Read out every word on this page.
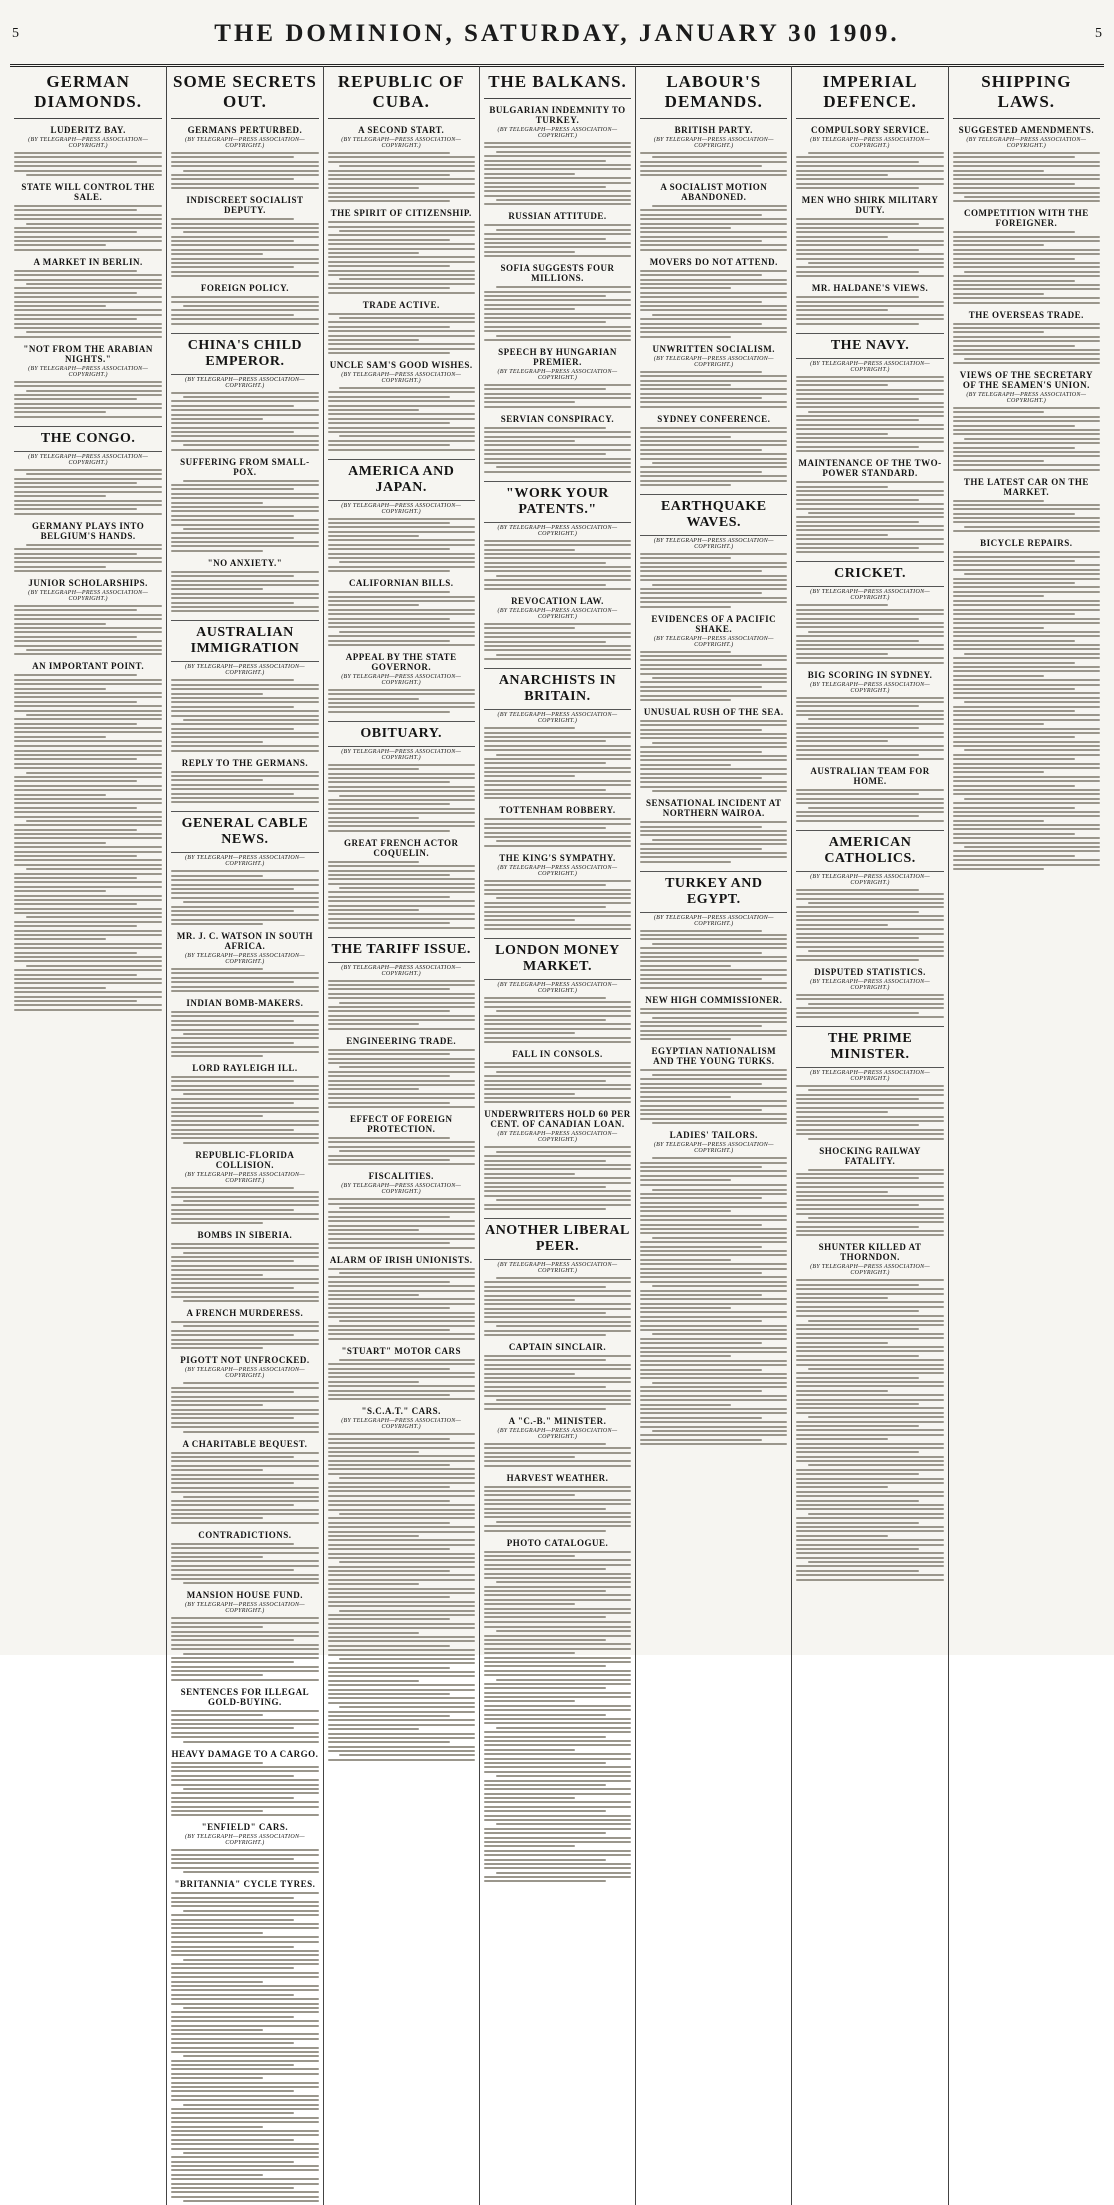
5	THE DOMINION, SATURDAY, JANUARY 30 1909.	5
GERMAN DIAMONDS.
LUDERITZ BAY.
(BY TELEGRAPH—PRESS ASSOCIATION—COPYRIGHT.)
STATE WILL CONTROL THE SALE.
A MARKET IN BERLIN.
"NOT FROM THE ARABIAN NIGHTS."
(BY TELEGRAPH—PRESS ASSOCIATION—COPYRIGHT.)
THE CONGO.
(BY TELEGRAPH—PRESS ASSOCIATION—COPYRIGHT.)
GERMANY PLAYS INTO BELGIUM'S HANDS.
JUNIOR SCHOLARSHIPS.
(BY TELEGRAPH—PRESS ASSOCIATION—COPYRIGHT.)
AN IMPORTANT POINT.
SOME SECRETS OUT.
GERMANS PERTURBED.
(BY TELEGRAPH—PRESS ASSOCIATION—COPYRIGHT.)
INDISCREET SOCIALIST DEPUTY.
FOREIGN POLICY.
CHINA'S CHILD EMPEROR.
(BY TELEGRAPH—PRESS ASSOCIATION—COPYRIGHT.)
SUFFERING FROM SMALL-POX.
"NO ANXIETY."
AUSTRALIAN IMMIGRATION
(BY TELEGRAPH—PRESS ASSOCIATION—COPYRIGHT.)
REPLY TO THE GERMANS.
GENERAL CABLE NEWS.
(BY TELEGRAPH—PRESS ASSOCIATION—COPYRIGHT.)
MR. J. C. WATSON IN SOUTH AFRICA.
(BY TELEGRAPH—PRESS ASSOCIATION—COPYRIGHT.)
INDIAN BOMB-MAKERS.
LORD RAYLEIGH ILL.
REPUBLIC-FLORIDA COLLISION.
(BY TELEGRAPH—PRESS ASSOCIATION—COPYRIGHT.)
BOMBS IN SIBERIA.
A FRENCH MURDERESS.
PIGOTT NOT UNFROCKED.
(BY TELEGRAPH—PRESS ASSOCIATION—COPYRIGHT.)
A CHARITABLE BEQUEST.
CONTRADICTIONS.
MANSION HOUSE FUND.
(BY TELEGRAPH—PRESS ASSOCIATION—COPYRIGHT.)
SENTENCES FOR ILLEGAL GOLD-BUYING.
HEAVY DAMAGE TO A CARGO.
"ENFIELD" CARS.
(BY TELEGRAPH—PRESS ASSOCIATION—COPYRIGHT.)
"BRITANNIA" CYCLE TYRES.
REPUBLIC OF CUBA.
A SECOND START.
(BY TELEGRAPH—PRESS ASSOCIATION—COPYRIGHT.)
THE SPIRIT OF CITIZENSHIP.
TRADE ACTIVE.
UNCLE SAM'S GOOD WISHES.
(BY TELEGRAPH—PRESS ASSOCIATION—COPYRIGHT.)
AMERICA AND JAPAN.
(BY TELEGRAPH—PRESS ASSOCIATION—COPYRIGHT.)
CALIFORNIAN BILLS.
APPEAL BY THE STATE GOVERNOR.
(BY TELEGRAPH—PRESS ASSOCIATION—COPYRIGHT.)
OBITUARY.
(BY TELEGRAPH—PRESS ASSOCIATION—COPYRIGHT.)
GREAT FRENCH ACTOR COQUELIN.
THE TARIFF ISSUE.
(BY TELEGRAPH—PRESS ASSOCIATION—COPYRIGHT.)
ENGINEERING TRADE.
EFFECT OF FOREIGN PROTECTION.
FISCALITIES.
(BY TELEGRAPH—PRESS ASSOCIATION—COPYRIGHT.)
ALARM OF IRISH UNIONISTS.
"STUART" MOTOR CARS
"S.C.A.T." CARS.
(BY TELEGRAPH—PRESS ASSOCIATION—COPYRIGHT.)
THE BALKANS.
BULGARIAN INDEMNITY TO TURKEY.
(BY TELEGRAPH—PRESS ASSOCIATION—COPYRIGHT.)
RUSSIAN ATTITUDE.
SOFIA SUGGESTS FOUR MILLIONS.
SPEECH BY HUNGARIAN PREMIER.
(BY TELEGRAPH—PRESS ASSOCIATION—COPYRIGHT.)
SERVIAN CONSPIRACY.
"WORK YOUR PATENTS."
(BY TELEGRAPH—PRESS ASSOCIATION—COPYRIGHT.)
REVOCATION LAW.
(BY TELEGRAPH—PRESS ASSOCIATION—COPYRIGHT.)
ANARCHISTS IN BRITAIN.
(BY TELEGRAPH—PRESS ASSOCIATION—COPYRIGHT.)
TOTTENHAM ROBBERY.
THE KING'S SYMPATHY.
(BY TELEGRAPH—PRESS ASSOCIATION—COPYRIGHT.)
LONDON MONEY MARKET.
(BY TELEGRAPH—PRESS ASSOCIATION—COPYRIGHT.)
FALL IN CONSOLS.
UNDERWRITERS HOLD 60 PER CENT. OF CANADIAN LOAN.
(BY TELEGRAPH—PRESS ASSOCIATION—COPYRIGHT.)
ANOTHER LIBERAL PEER.
(BY TELEGRAPH—PRESS ASSOCIATION—COPYRIGHT.)
CAPTAIN SINCLAIR.
A "C.-B." MINISTER.
(BY TELEGRAPH—PRESS ASSOCIATION—COPYRIGHT.)
HARVEST WEATHER.
PHOTO CATALOGUE.
LABOUR'S DEMANDS.
BRITISH PARTY.
(BY TELEGRAPH—PRESS ASSOCIATION—COPYRIGHT.)
A SOCIALIST MOTION ABANDONED.
MOVERS DO NOT ATTEND.
UNWRITTEN SOCIALISM.
(BY TELEGRAPH—PRESS ASSOCIATION—COPYRIGHT.)
SYDNEY CONFERENCE.
EARTHQUAKE WAVES.
(BY TELEGRAPH—PRESS ASSOCIATION—COPYRIGHT.)
EVIDENCES OF A PACIFIC SHAKE.
(BY TELEGRAPH—PRESS ASSOCIATION—COPYRIGHT.)
UNUSUAL RUSH OF THE SEA.
SENSATIONAL INCIDENT AT NORTHERN WAIROA.
TURKEY AND EGYPT.
(BY TELEGRAPH—PRESS ASSOCIATION—COPYRIGHT.)
NEW HIGH COMMISSIONER.
EGYPTIAN NATIONALISM AND THE YOUNG TURKS.
LADIES' TAILORS.
(BY TELEGRAPH—PRESS ASSOCIATION—COPYRIGHT.)
IMPERIAL DEFENCE.
COMPULSORY SERVICE.
(BY TELEGRAPH—PRESS ASSOCIATION—COPYRIGHT.)
MEN WHO SHIRK MILITARY DUTY.
MR. HALDANE'S VIEWS.
THE NAVY.
(BY TELEGRAPH—PRESS ASSOCIATION—COPYRIGHT.)
MAINTENANCE OF THE TWO-POWER STANDARD.
CRICKET.
(BY TELEGRAPH—PRESS ASSOCIATION—COPYRIGHT.)
BIG SCORING IN SYDNEY.
(BY TELEGRAPH—PRESS ASSOCIATION—COPYRIGHT.)
AUSTRALIAN TEAM FOR HOME.
AMERICAN CATHOLICS.
(BY TELEGRAPH—PRESS ASSOCIATION—COPYRIGHT.)
DISPUTED STATISTICS.
(BY TELEGRAPH—PRESS ASSOCIATION—COPYRIGHT.)
THE PRIME MINISTER.
(BY TELEGRAPH—PRESS ASSOCIATION—COPYRIGHT.)
SHOCKING RAILWAY FATALITY.
SHUNTER KILLED AT THORNDON.
(BY TELEGRAPH—PRESS ASSOCIATION—COPYRIGHT.)
SHIPPING LAWS.
SUGGESTED AMENDMENTS.
(BY TELEGRAPH—PRESS ASSOCIATION—COPYRIGHT.)
COMPETITION WITH THE FOREIGNER.
THE OVERSEAS TRADE.
VIEWS OF THE SECRETARY OF THE SEAMEN'S UNION.
(BY TELEGRAPH—PRESS ASSOCIATION—COPYRIGHT.)
THE LATEST CAR ON THE MARKET.
BICYCLE REPAIRS.
